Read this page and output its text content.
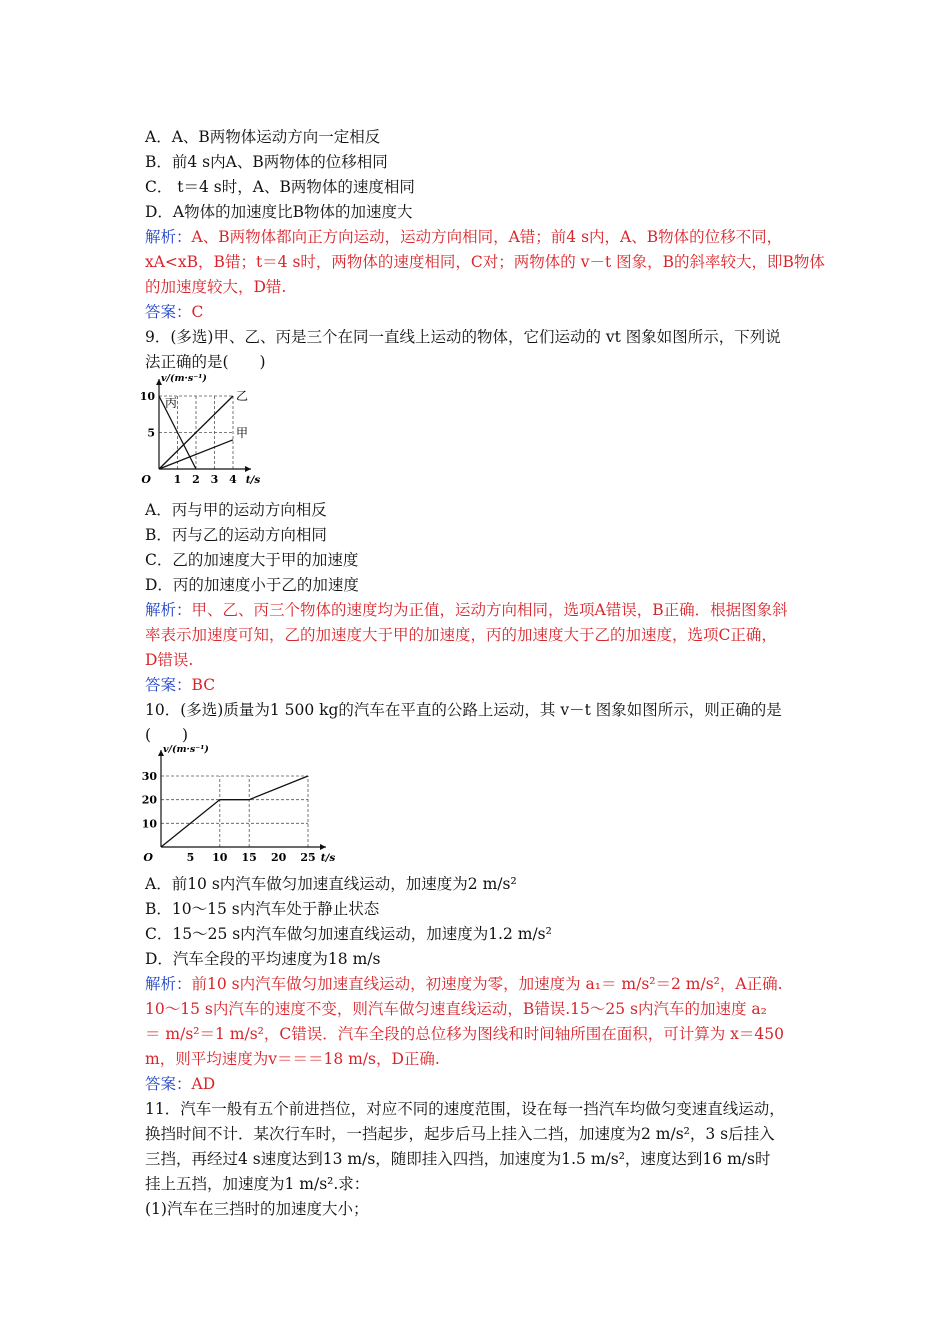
A．A、B两物体运动方向一定相反
B．前4 s内A、B两物体的位移相同
C． t＝4 s时，A、B两物体的速度相同
D．A物体的加速度比B物体的加速度大
解析：A、B两物体都向正方向运动，运动方向相同，A错；前4 s内，A、B物体的位移不同，
xA<xB，B错；t＝4 s时，两物体的速度相同，C对；两物体的 v－t 图象，B的斜率较大，即B物体
的加速度较大，D错.
答案：C
9．(多选)甲、乙、丙是三个在同一直线上运动的物体，它们运动的 vt 图象如图所示，下列说
法正确的是(　　)
1 2 3 4
5
10
O	t/s
v/(m·s⁻¹)
甲
乙
丙
A．丙与甲的运动方向相反
B．丙与乙的运动方向相同
C．乙的加速度大于甲的加速度
D．丙的加速度小于乙的加速度
解析：甲、乙、丙三个物体的速度均为正值，运动方向相同，选项A错误，B正确．根据图象斜
率表示加速度可知，乙的加速度大于甲的加速度，丙的加速度大于乙的加速度，选项C正确，
D错误.
答案：BC
10．(多选)质量为1 500 kg的汽车在平直的公路上运动，其 v－t 图象如图所示，则正确的是
(　　)
5 10 15 20 25
10
20
30
O	t/s
v/(m·s⁻¹)
A．前10 s内汽车做匀加速直线运动，加速度为2 m/s²
B．10～15 s内汽车处于静止状态
C．15～25 s内汽车做匀加速直线运动，加速度为1.2 m/s²
D．汽车全段的平均速度为18 m/s
解析：前10 s内汽车做匀加速直线运动，初速度为零，加速度为 a₁＝ m/s²＝2 m/s²，A正确.
10～15 s内汽车的速度不变，则汽车做匀速直线运动，B错误.15～25 s内汽车的加速度 a₂
＝ m/s²＝1 m/s²，C错误．汽车全段的总位移为图线和时间轴所围在面积，可计算为 x＝450
m，则平均速度为v＝＝＝18 m/s，D正确.
答案：AD
11．汽车一般有五个前进挡位，对应不同的速度范围，设在每一挡汽车均做匀变速直线运动，
换挡时间不计．某次行车时，一挡起步，起步后马上挂入二挡，加速度为2 m/s²，3 s后挂入
三挡，再经过4 s速度达到13 m/s，随即挂入四挡，加速度为1.5 m/s²，速度达到16 m/s时
挂上五挡，加速度为1 m/s².求：
(1)汽车在三挡时的加速度大小；
